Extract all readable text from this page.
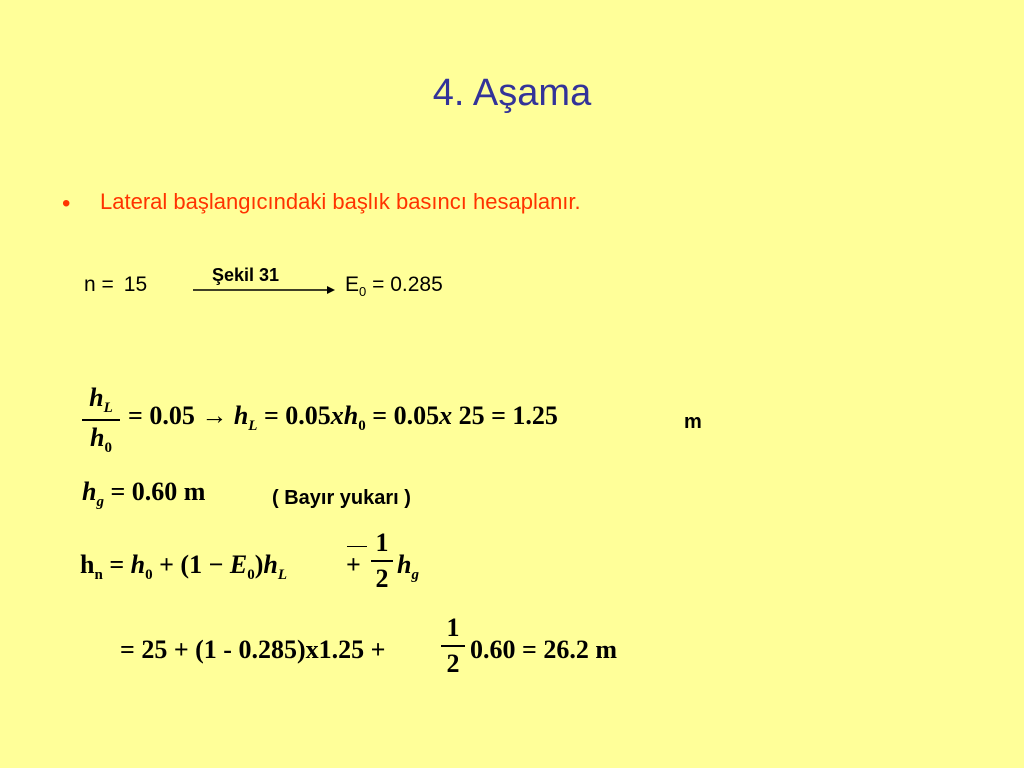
4. Aşama
• Lateral başlangıcındaki başlık basıncı hesaplanır.
n = 15	Şekil 31	$E_0 = 0.285$
$h_L$
$h_0$
= $0.05 \to h_L = 0.05xh_0 = 0.05x$ 25 = 1.25	m
$h_g = 0.60$ m	( Bayır yukarı )
$h_n = h_0 + (1 - E_0)h_L$ +
1
2 $h_g$
= 25 + (1 - 0.285)x1.25 +
1
2 0.60 = 26.2 m
